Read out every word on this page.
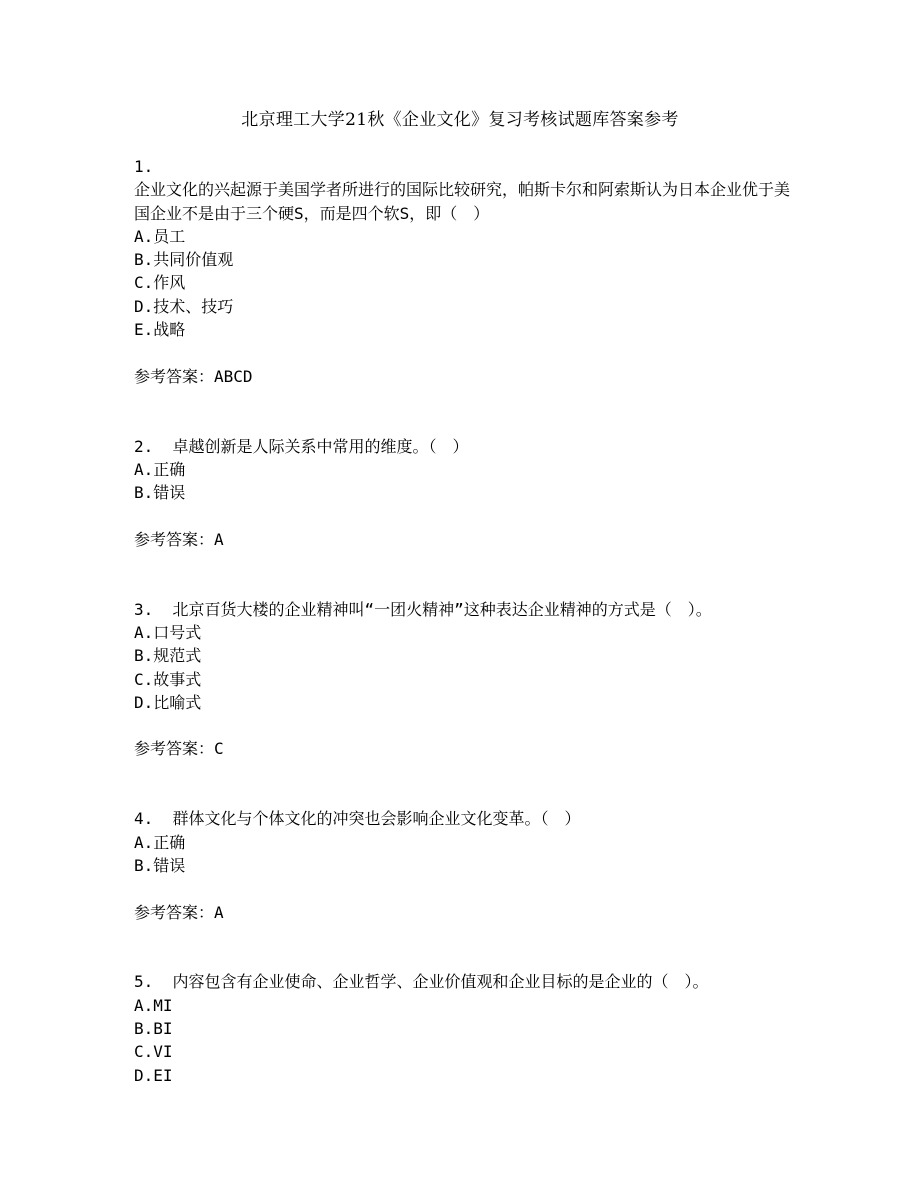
北京理工大学21秋《企业文化》复习考核试题库答案参考
1.
企业文化的兴起源于美国学者所进行的国际比较研究，帕斯卡尔和阿索斯认为日本企业优于美国企业不是由于三个硬S，而是四个软S，即（　）
A.员工
B.共同价值观
C.作风
D.技术、技巧
E.战略
参考答案：ABCD
2. 卓越创新是人际关系中常用的维度。（　）
A.正确
B.错误
参考答案：A
3. 北京百货大楼的企业精神叫“一团火精神”这种表达企业精神的方式是（　）。
A.口号式
B.规范式
C.故事式
D.比喻式
参考答案：C
4. 群体文化与个体文化的冲突也会影响企业文化变革。（　）
A.正确
B.错误
参考答案：A
5. 内容包含有企业使命、企业哲学、企业价值观和企业目标的是企业的（　）。
A.MI
B.BI
C.VI
D.EI
